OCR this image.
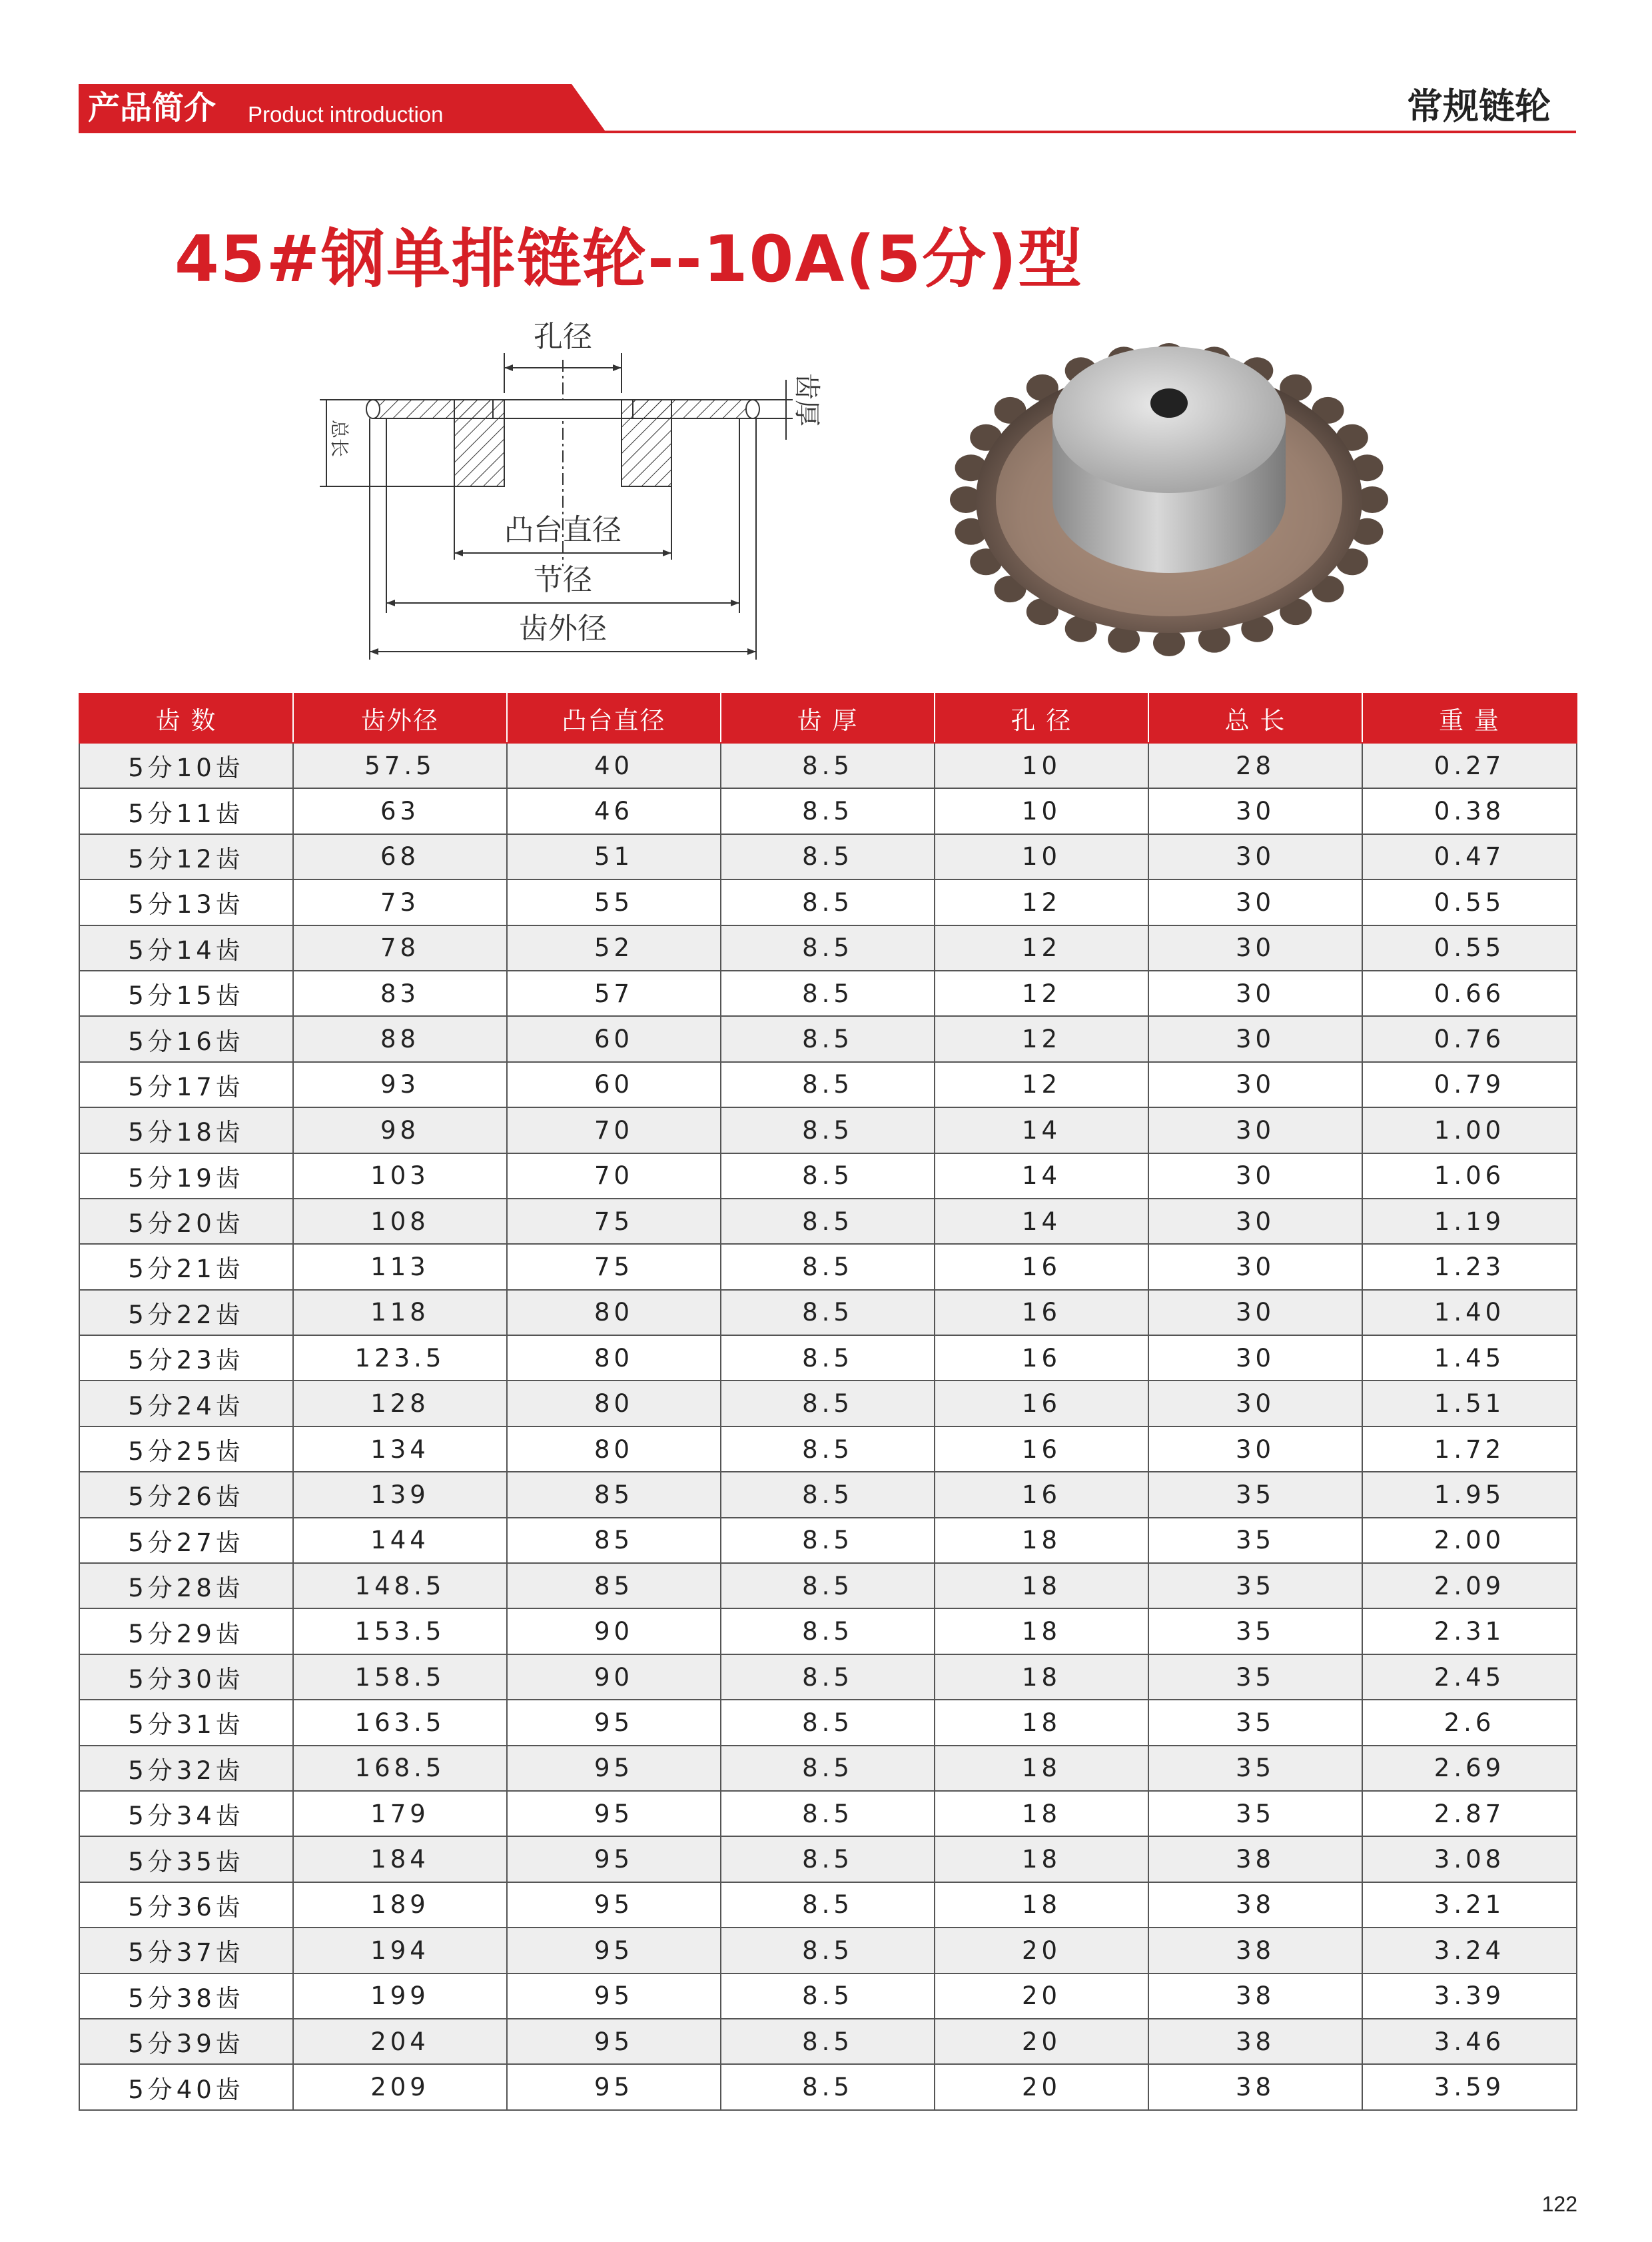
产品简介 Product introduction	常规链轮
45#钢单排链轮--10A(5分)型
孔径
齿厚
总长
凸台直径
节径
齿外径
齿 数	齿外径	凸台直径	齿 厚	孔 径	总 长	重 量
5分10齿	57.5	40	8.5	10	28	0.27
5分11齿	63	46	8.5	10	30	0.38
5分12齿	68	51	8.5	10	30	0.47
5分13齿	73	55	8.5	12	30	0.55
5分14齿	78	52	8.5	12	30	0.55
5分15齿	83	57	8.5	12	30	0.66
5分16齿	88	60	8.5	12	30	0.76
5分17齿	93	60	8.5	12	30	0.79
5分18齿	98	70	8.5	14	30	1.00
5分19齿	103	70	8.5	14	30	1.06
5分20齿	108	75	8.5	14	30	1.19
5分21齿	113	75	8.5	16	30	1.23
5分22齿	118	80	8.5	16	30	1.40
5分23齿	123.5	80	8.5	16	30	1.45
5分24齿	128	80	8.5	16	30	1.51
5分25齿	134	80	8.5	16	30	1.72
5分26齿	139	85	8.5	16	35	1.95
5分27齿	144	85	8.5	18	35	2.00
5分28齿	148.5	85	8.5	18	35	2.09
5分29齿	153.5	90	8.5	18	35	2.31
5分30齿	158.5	90	8.5	18	35	2.45
5分31齿	163.5	95	8.5	18	35	2.6
5分32齿	168.5	95	8.5	18	35	2.69
5分34齿	179	95	8.5	18	35	2.87
5分35齿	184	95	8.5	18	38	3.08
5分36齿	189	95	8.5	18	38	3.21
5分37齿	194	95	8.5	20	38	3.24
5分38齿	199	95	8.5	20	38	3.39
5分39齿	204	95	8.5	20	38	3.46
5分40齿	209	95	8.5	20	38	3.59
122
